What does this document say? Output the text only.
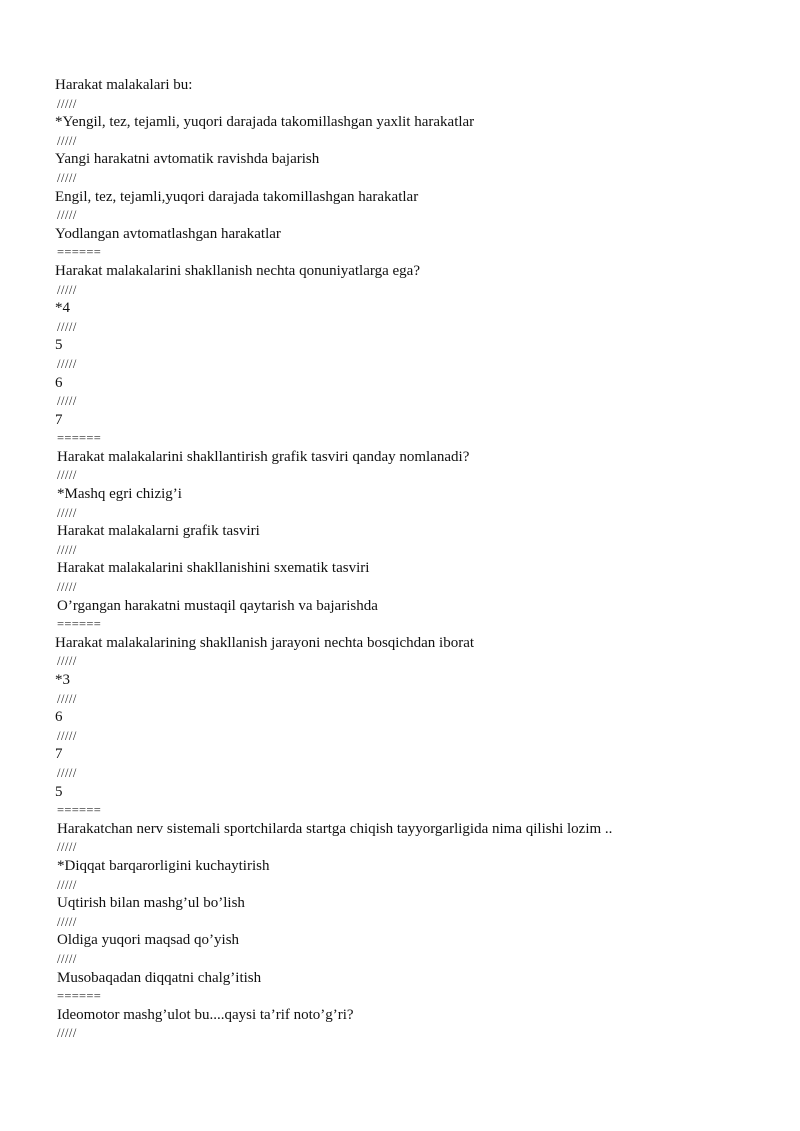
Harakat malakalari bu:
/////
*Yengil, tez, tejamli, yuqori darajada takomillashgan yaxlit harakatlar
/////
Yangi harakatni avtomatik ravishda bajarish
/////
Engil, tez, tejamli,yuqori darajada takomillashgan harakatlar
/////
Yodlangan avtomatlashgan harakatlar
======
Harakat malakalarini shakllanish nechta qonuniyatlarga ega?
/////
*4
/////
5
/////
6
/////
7
======
Harakat malakalarini shakllantirish grafik tasviri qanday nomlanadi?
/////
*Mashq egri chizig’i
/////
Harakat malakalarni grafik tasviri
/////
Harakat malakalarini shakllanishini sxematik tasviri
/////
O’rgangan harakatni mustaqil qaytarish va bajarishda
======
Harakat malakalarining shakllanish jarayoni nechta bosqichdan iborat
/////
*3
/////
6
/////
7
/////
5
======
Harakatchan nerv sistemali sportchilarda startga chiqish tayyorgarligida nima qilishi lozim ..
/////
*Diqqat barqarorligini kuchaytirish
/////
Uqtirish bilan mashg’ul bo’lish
/////
Oldiga yuqori maqsad qo’yish
/////
Musobaqadan diqqatni chalg’itish
======
Ideomotor mashg’ulot bu....qaysi ta’rif noto’g’ri?
/////
